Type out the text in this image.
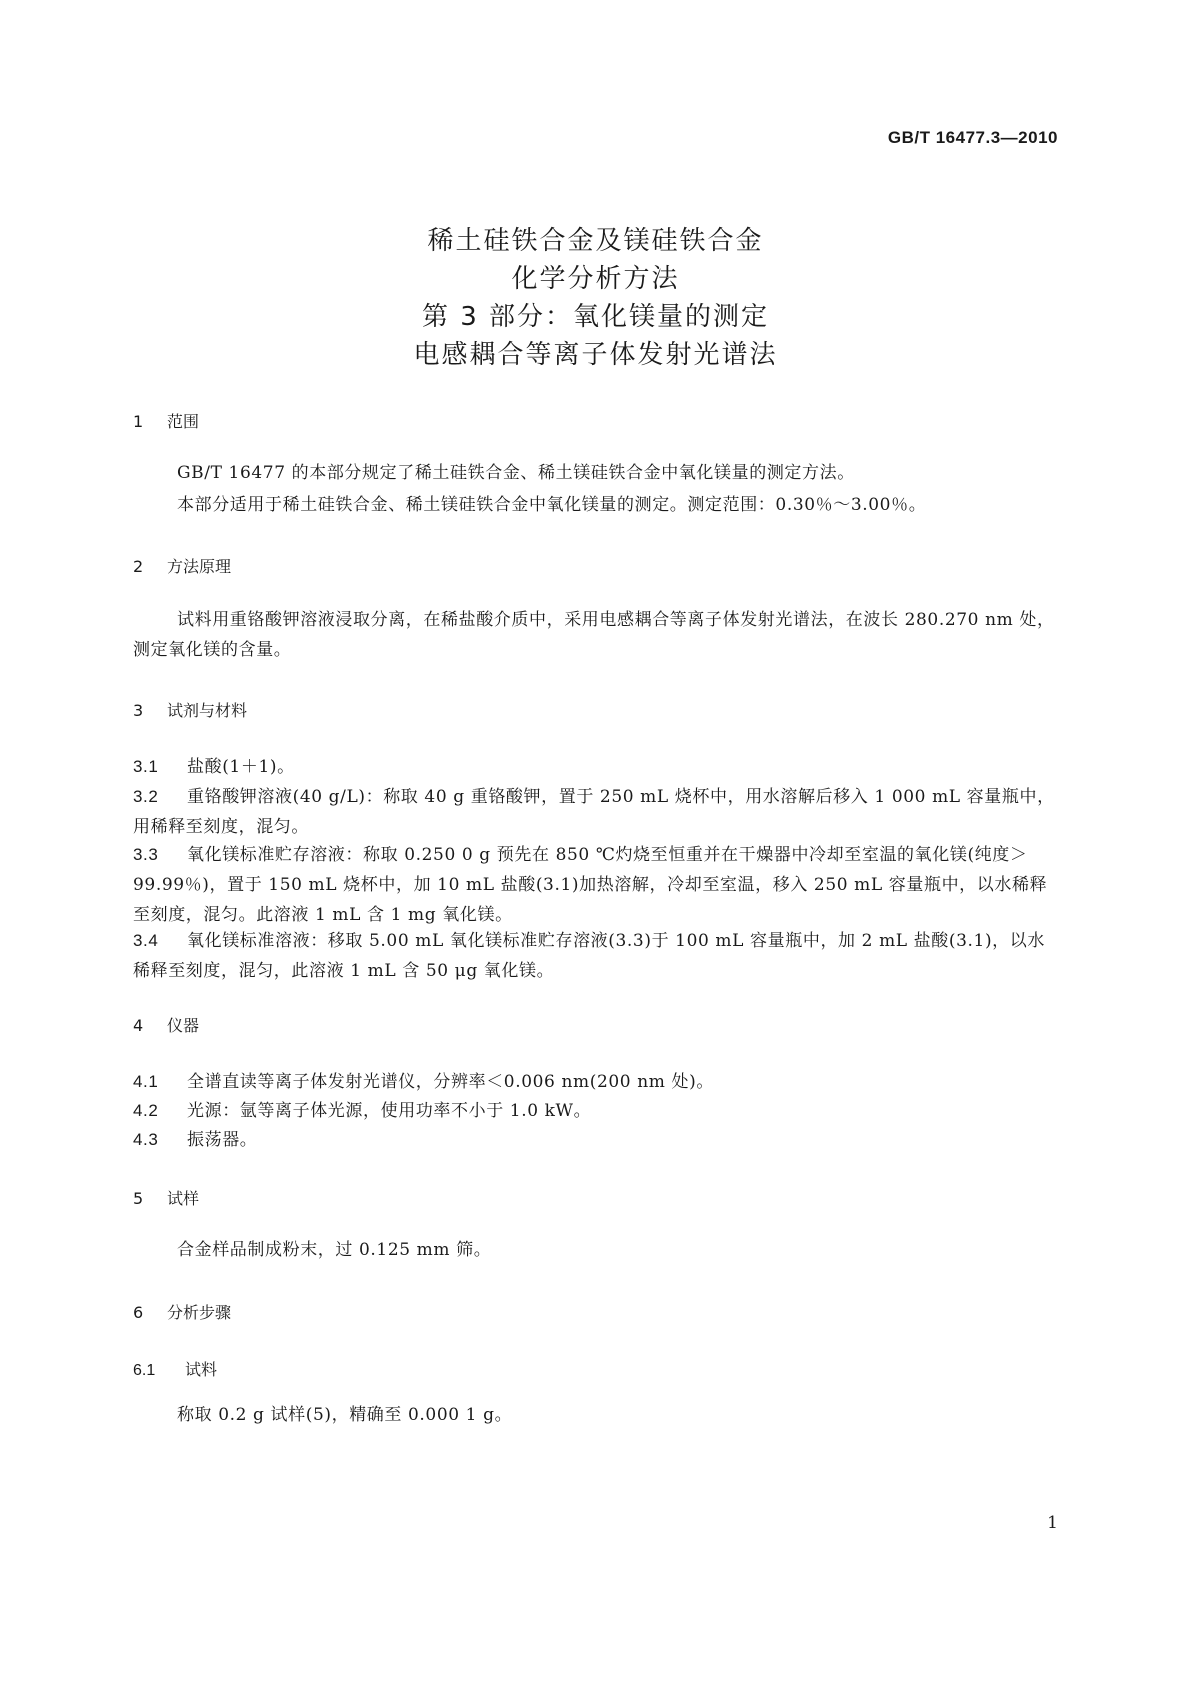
GB/T 16477.3—2010
稀土硅铁合金及镁硅铁合金
化学分析方法
第 3 部分：氧化镁量的测定
电感耦合等离子体发射光谱法
1 范围
GB/T 16477 的本部分规定了稀土硅铁合金、稀土镁硅铁合金中氧化镁量的测定方法。
本部分适用于稀土硅铁合金、稀土镁硅铁合金中氧化镁量的测定。测定范围：0.30％～3.00％。
2 方法原理
试料用重铬酸钾溶液浸取分离，在稀盐酸介质中，采用电感耦合等离子体发射光谱法，在波长 280.270 nm 处，测定氧化镁的含量。
3 试剂与材料
3.1 盐酸(1＋1)。
3.2 重铬酸钾溶液(40 g/L)：称取 40 g 重铬酸钾，置于 250 mL 烧杯中，用水溶解后移入 1 000 mL 容量瓶中，用稀释至刻度，混匀。
3.3 氧化镁标准贮存溶液：称取 0.250 0 g 预先在 850 ℃灼烧至恒重并在干燥器中冷却至室温的氧化镁(纯度＞99.99％)，置于 150 mL 烧杯中，加 10 mL 盐酸(3.1)加热溶解，冷却至室温，移入 250 mL 容量瓶中，以水稀释至刻度，混匀。此溶液 1 mL 含 1 mg 氧化镁。
3.4 氧化镁标准溶液：移取 5.00 mL 氧化镁标准贮存溶液(3.3)于 100 mL 容量瓶中，加 2 mL 盐酸(3.1)，以水稀释至刻度，混匀，此溶液 1 mL 含 50 μg 氧化镁。
4 仪器
4.1 全谱直读等离子体发射光谱仪，分辨率＜0.006 nm(200 nm 处)。
4.2 光源：氩等离子体光源，使用功率不小于 1.0 kW。
4.3 振荡器。
5 试样
合金样品制成粉末，过 0.125 mm 筛。
6 分析步骤
6.1 试料
称取 0.2 g 试样(5)，精确至 0.000 1 g。
1
